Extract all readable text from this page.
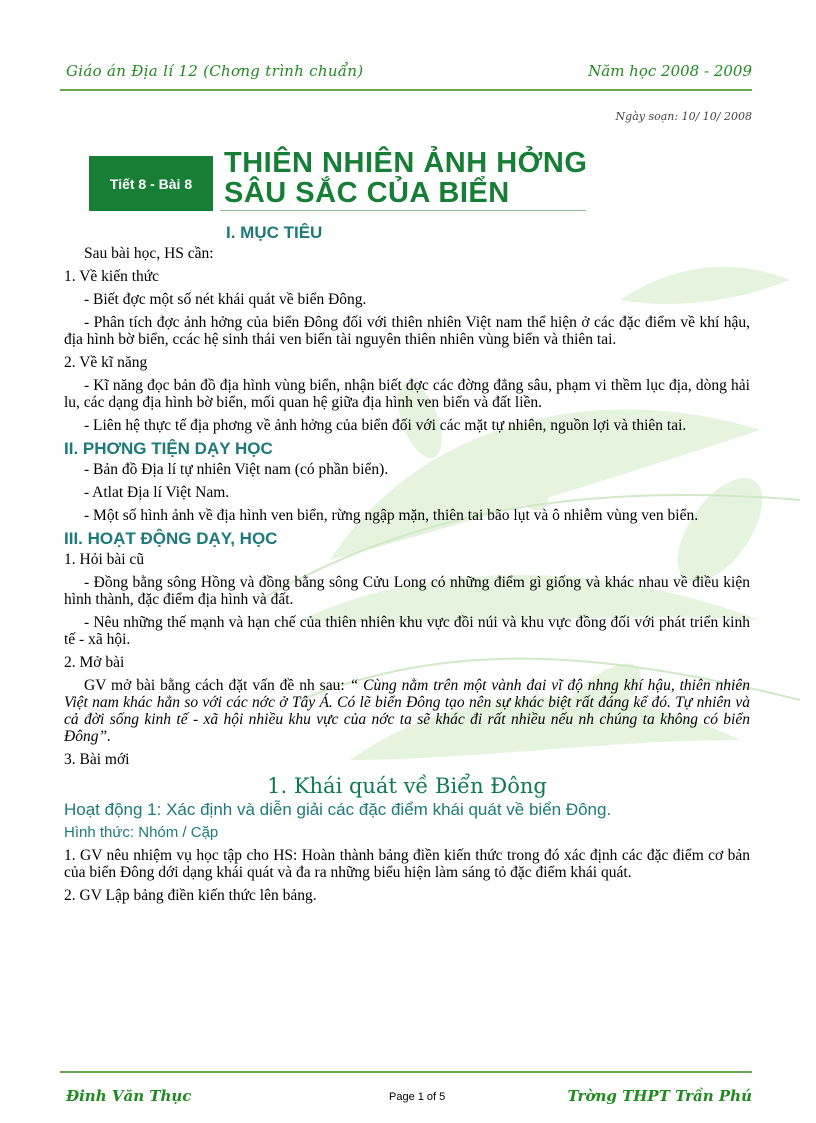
Giáo án Địa lí 12 (Chơng trình chuẩn)	Năm học 2008 - 2009
Ngày soạn: 10/ 10/ 2008
Tiết 8 - Bài 8
THIÊN NHIÊN ẢNH HỞNG
SÂU SẮC CỦA BIỂN
I. MỤC TIÊU
Sau bài học, HS cần:
1. Về kiến thức
- Biết đợc một số nét khái quát về biển Đông.
- Phân tích đợc ảnh hởng của biển Đông đối với thiên nhiên Việt nam thể hiện ở các đặc điểm về khí hậu, địa hình bờ biển, ccác hệ sinh thái ven biển tài nguyên thiên nhiên vùng biển và thiên tai.
2. Về kĩ năng
- Kĩ năng đọc bản đồ địa hình vùng biển, nhận biết đợc các đờng đẳng sâu, phạm vi thềm lục địa, dòng hải lu, các dạng địa hình bờ biển, mối quan hệ giữa địa hình ven biển và đất liền.
- Liên hệ thực tế địa phơng về ảnh hởng của biển đối với các mặt tự nhiên, nguồn lợi và thiên tai.
II. PHƠNG TIỆN DẠY HỌC
- Bản đồ Địa lí tự nhiên Việt nam (có phần biển).
- Atlat Địa lí Việt Nam.
- Một số hình ảnh về địa hình ven biển, rừng ngập mặn, thiên tai bão lụt và ô nhiễm vùng ven biển.
III. HOẠT ĐỘNG DẠY, HỌC
1. Hỏi bài cũ
- Đồng bằng sông Hồng và đồng bằng sông Cửu Long có những điểm gì giống và khác nhau về điều kiện hình thành, đặc điểm địa hình và đất.
- Nêu những thế mạnh và hạn chế của thiên nhiên khu vực đồi núi và khu vực đồng đối với phát triển kinh tế - xã hội.
2. Mở bài
GV mở bài bằng cách đặt vấn đề nh sau: “ Cùng nằm trên một vành đai vĩ độ nhng khí hậu, thiên nhiên Việt nam khác hẳn so với các nớc ở Tây Á. Có lẽ biển Đông tạo nên sự khác biệt rất đáng kể đó. Tự nhiên và cả đời sống kinh tế - xã hội nhiều khu vực của nớc ta sẽ khác đi rất nhiều nếu nh chúng ta không có biển Đông”.
3. Bài mới
1. Khái quát về Biển Đông
Hoạt động 1: Xác định và diễn giải các đặc điểm khái quát về biển Đông.
Hình thức: Nhóm / Cặp
1. GV nêu nhiệm vụ học tập cho HS: Hoàn thành bảng điền kiến thức trong đó xác định các đặc điểm cơ bản của biển Đông dới dạng khái quát và đa ra những biểu hiện làm sáng tỏ đặc điểm khái quát.
2. GV Lập bảng điền kiến thức lên bảng.
Đinh Văn Thục	Page 1 of 5	Trờng THPT Trần Phú
